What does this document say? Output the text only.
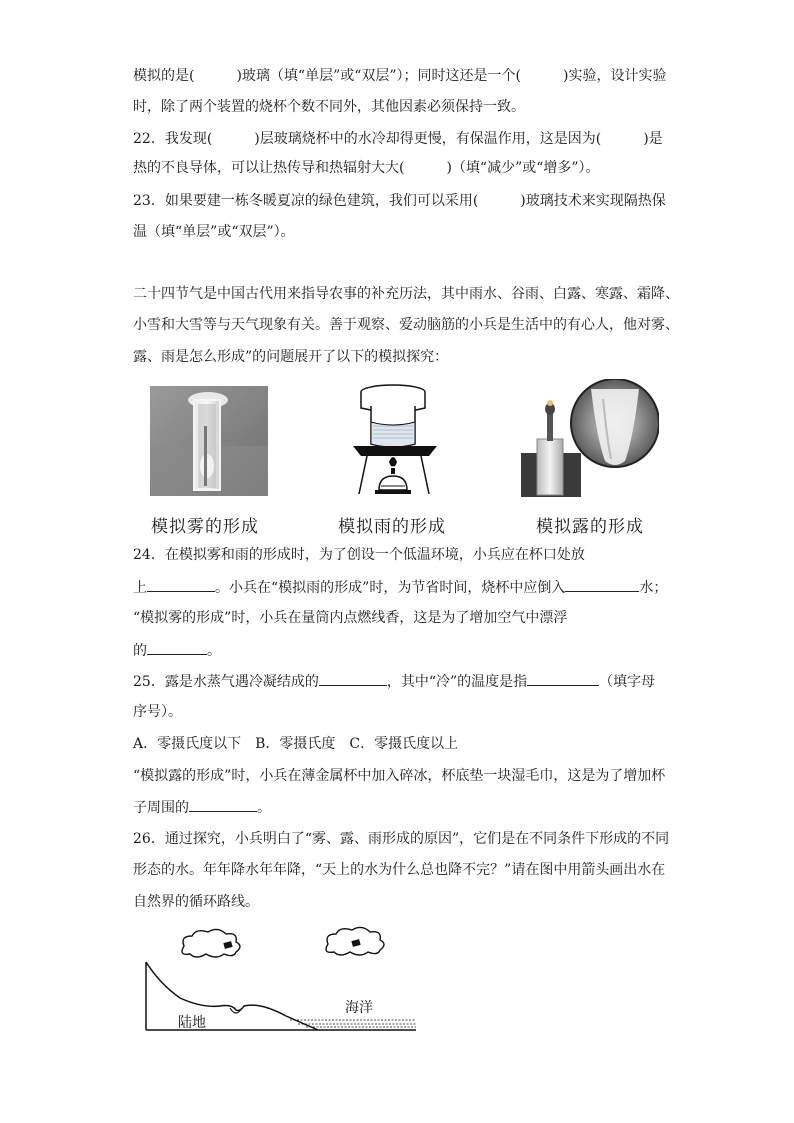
模拟的是(　　　)玻璃（填“单层”或“双层”）；同时这还是一个(　　　)实验，设计实验
时，除了两个装置的烧杯个数不同外，其他因素必须保持一致。
22．我发现(　　　)层玻璃烧杯中的水冷却得更慢，有保温作用，这是因为(　　　)是
热的不良导体，可以让热传导和热辐射大大(　　　)（填“减少”或“增多”）。
23．如果要建一栋冬暖夏凉的绿色建筑，我们可以采用(　　　)玻璃技术来实现隔热保
温（填“单层”或“双层”）。
二十四节气是中国古代用来指导农事的补充历法，其中雨水、谷雨、白露、寒露、霜降、
小雪和大雪等与天气现象有关。善于观察、爱动脑筋的小兵是生活中的有心人，他对雾、
露、雨是怎么形成”的问题展开了以下的模拟探究：
模拟雾的形成	模拟雨的形成	模拟露的形成
24．在模拟雾和雨的形成时，为了创设一个低温环境，小兵应在杯口处放
上	。小兵在“模拟雨的形成”时，为节省时间，烧杯中应倒入	水；
“模拟雾的形成”时，小兵在量筒内点燃线香，这是为了增加空气中漂浮
的	。
25．露是水蒸气遇冷凝结成的	，其中“冷”的温度是指	（填字母
序号）。
A．零摄氏度以下　B．零摄氏度　C．零摄氏度以上
“模拟露的形成”时，小兵在薄金属杯中加入碎冰，杯底垫一块湿毛巾，这是为了增加杯
子周围的	。
26．通过探究，小兵明白了“雾、露、雨形成的原因”，它们是在不同条件下形成的不同
形态的水。年年降水年年降，“天上的水为什么总也降不完？”请在图中用箭头画出水在
自然界的循环路线。
陆地
海洋
